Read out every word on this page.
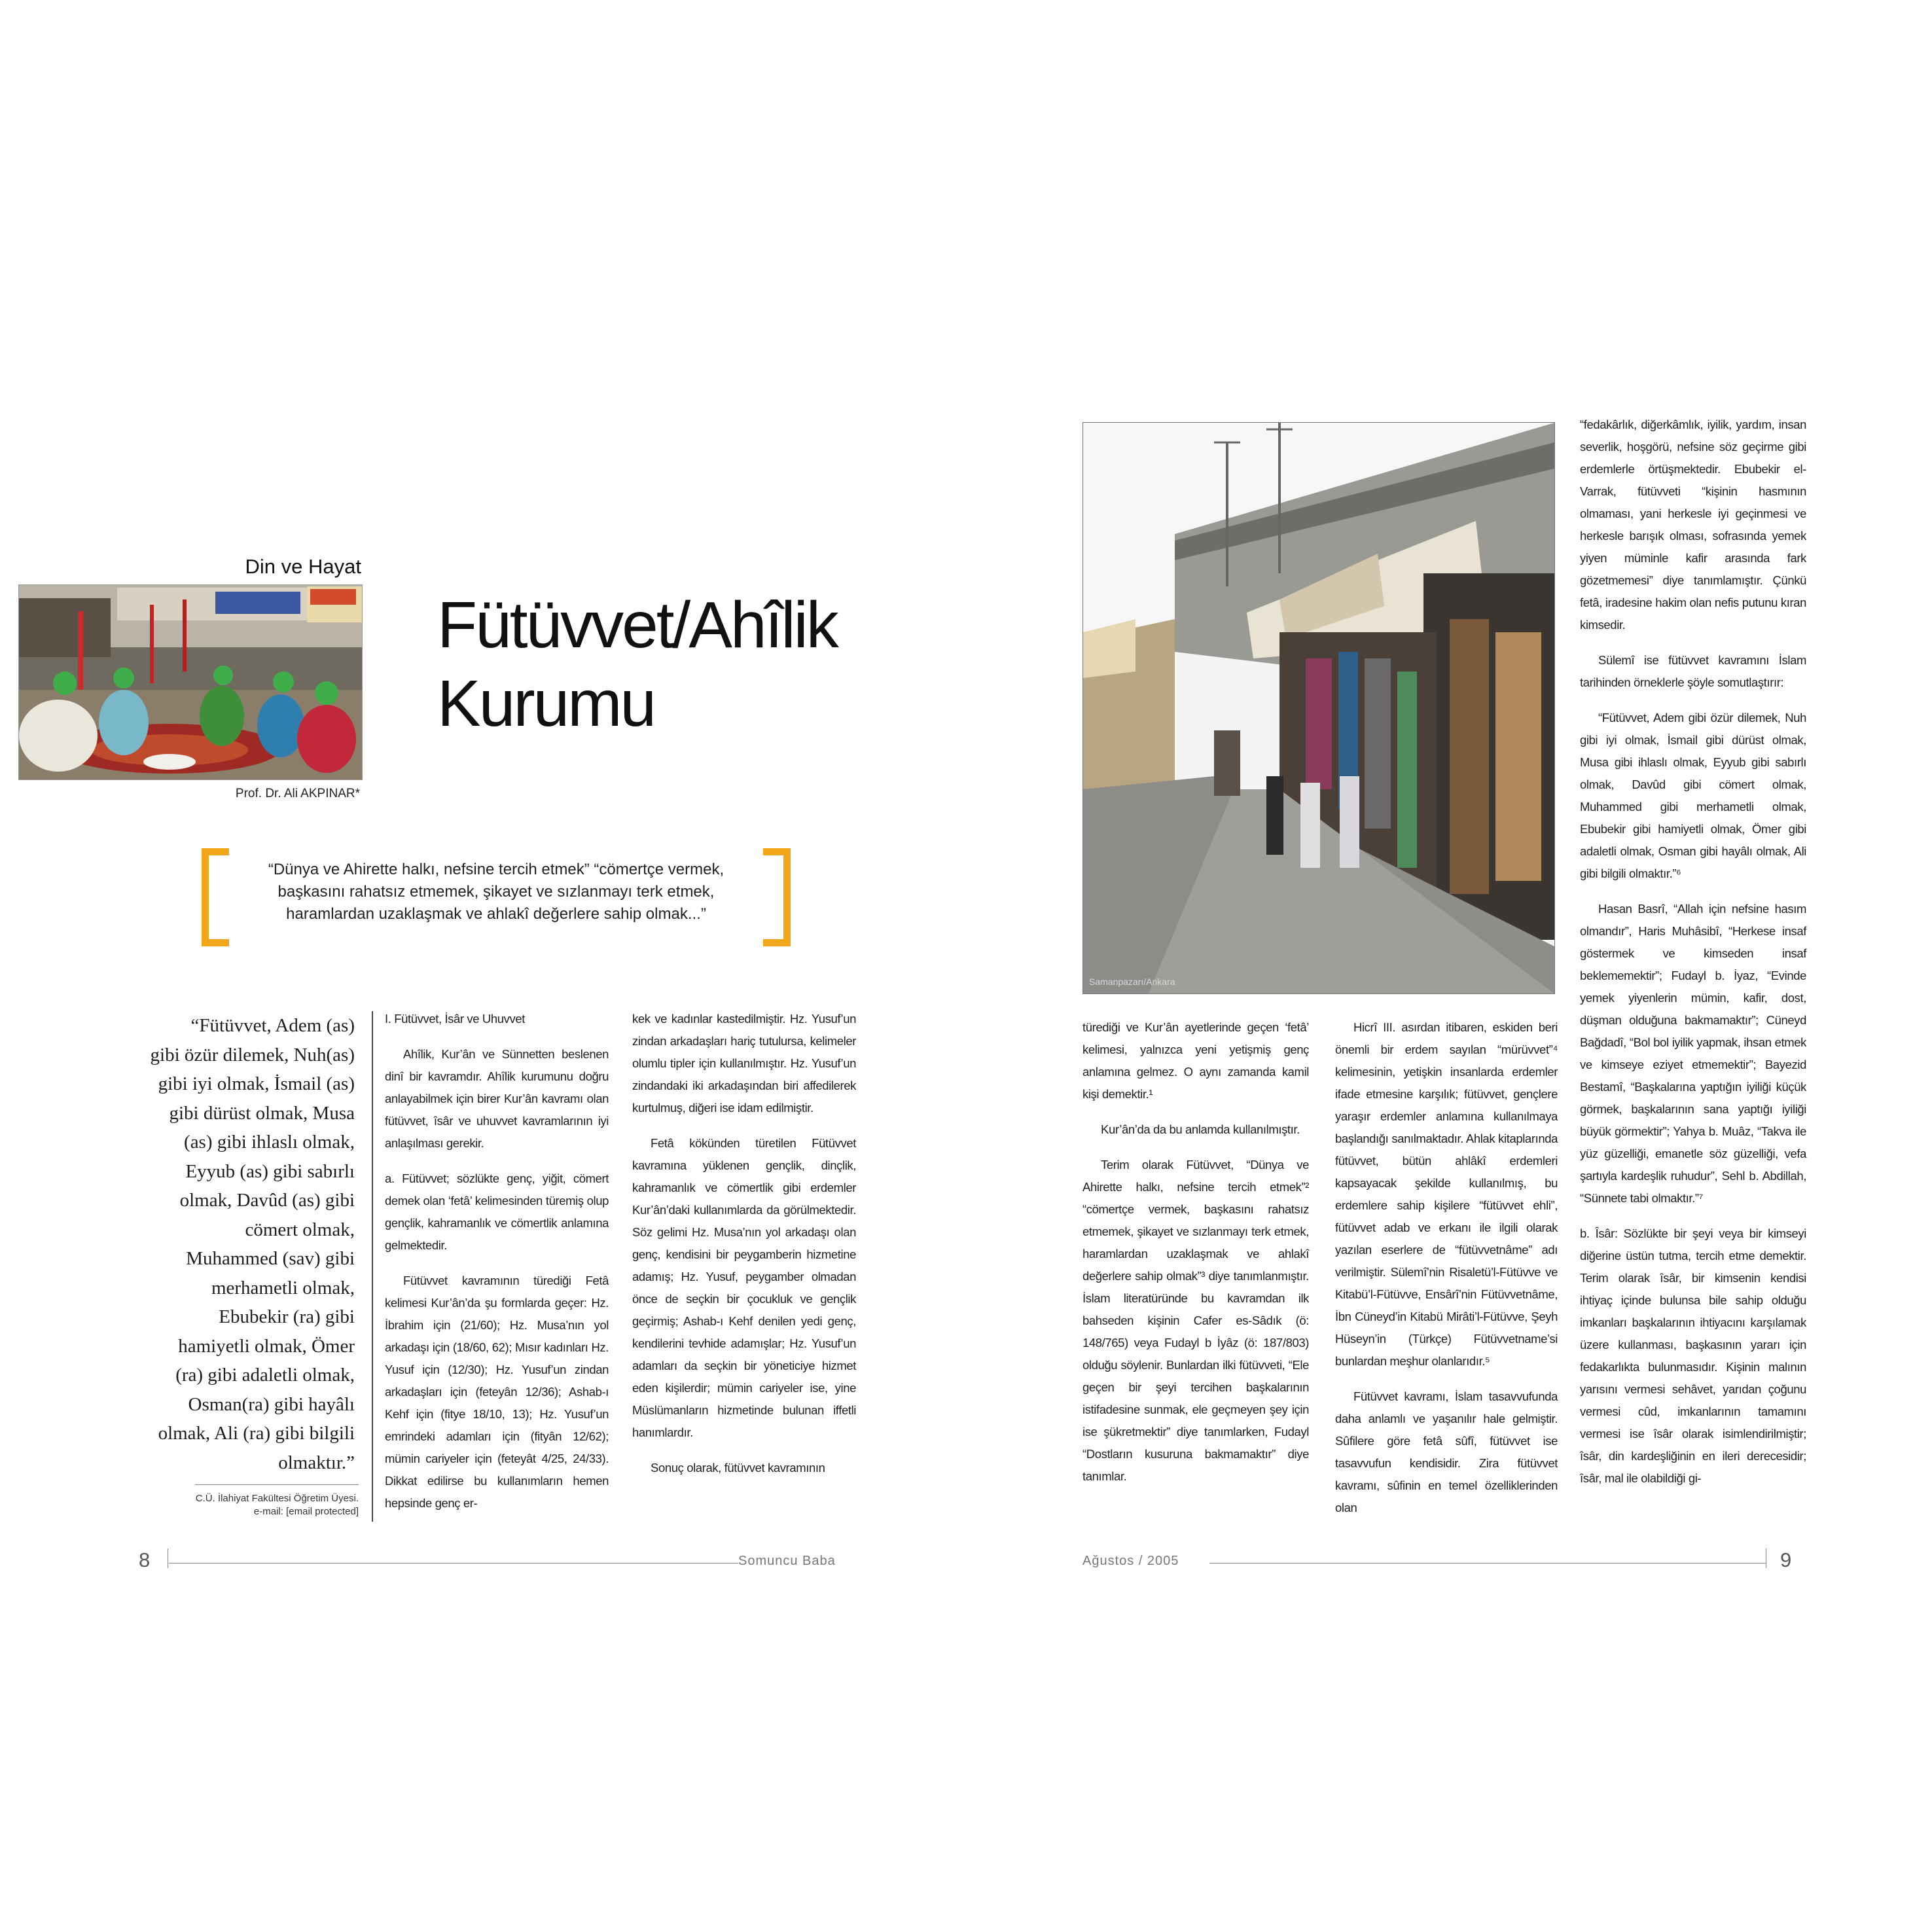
Din ve Hayat
Prof. Dr. Ali AKPINAR*
Fütüvvet/Ahîlik
Kurumu
“Dünya ve Ahirette halkı, nefsine tercih etmek” “cömertçe vermek,
başkasını rahatsız etmemek, şikayet ve sızlanmayı terk etmek,
haramlardan uzaklaşmak ve ahlakî değerlere sahip olmak...”
“Fütüvvet, Adem (as)
gibi özür dilemek, Nuh(as)
gibi iyi olmak, İsmail (as)
gibi dürüst olmak, Musa
(as) gibi ihlaslı olmak,
Eyyub (as) gibi sabırlı
olmak, Davûd (as) gibi
cömert olmak,
Muhammed (sav) gibi
merhametli olmak,
Ebubekir (ra) gibi
hamiyetli olmak, Ömer
(ra) gibi adaletli olmak,
Osman(ra) gibi hayâlı
olmak, Ali (ra) gibi bilgili
olmaktır.”
C.Ü. İlahiyat Fakültesi Öğretim Üyesi.
e-mail: [email protected]

I. Fütüvvet, İsâr ve Uhuvvet

Ahîlik, Kur’ân ve Sünnetten beslenen dinî bir kavramdır. Ahîlik kurumunu doğru anlayabilmek için birer Kur’ân kavramı olan fütüvvet, îsâr ve uhuvvet kavramlarının iyi anlaşılması gerekir.

a. Fütüvvet; sözlükte genç, yiğit, cömert demek olan ‘fetâ’ kelimesinden türemiş olup gençlik, kahramanlık ve cömertlik anlamına gelmektedir.

Fütüvvet kavramının türediği Fetâ kelimesi Kur’ân’da şu formlarda geçer: Hz. İbrahim için (21/60); Hz. Musa’nın yol arkadaşı için (18/60, 62); Mısır kadınları Hz. Yusuf için (12/30); Hz. Yusuf’un zindan arkadaşları için (feteyân 12/36); Ashab-ı Kehf için (fitye 18/10, 13); Hz. Yusuf’un emrindeki adamları için (fityân 12/62); mümin cariyeler için (feteyât 4/25, 24/33). Dikkat edilirse bu kullanımların hemen hepsinde genç er-

kek ve kadınlar kastedilmiştir. Hz. Yusuf’un zindan arkadaşları hariç tutulursa, kelimeler olumlu tipler için kullanılmıştır. Hz. Yusuf’un zindandaki iki arkadaşından biri affedilerek kurtulmuş, diğeri ise idam edilmiştir.

Fetâ kökünden türetilen Fütüvvet kavramına yüklenen gençlik, dinçlik, kahramanlık ve cömertlik gibi erdemler Kur’ân’daki kullanımlarda da görülmektedir. Söz gelimi Hz. Musa’nın yol arkadaşı olan genç, kendisini bir peygamberin hizmetine adamış; Hz. Yusuf, peygamber olmadan önce de seçkin bir çocukluk ve gençlik geçirmiş; Ashab-ı Kehf denilen yedi genç, kendilerini tevhide adamışlar; Hz. Yusuf’un adamları da seçkin bir yöneticiye hizmet eden kişilerdir; mümin cariyeler ise, yine Müslümanların hizmetinde bulunan iffetli hanımlardır.

Sonuç olarak, fütüvvet kavramının

Samanpazarı/Ankara

türediği ve Kur’ân ayetlerinde geçen ‘fetâ’ kelimesi, yalnızca yeni yetişmiş genç anlamına gelmez. O aynı zamanda kamil kişi demektir.¹

Kur’ân’da da bu anlamda kullanılmıştır.

Terim olarak Fütüvvet, “Dünya ve Ahirette halkı, nefsine tercih etmek”² “cömertçe vermek, başkasını rahatsız etmemek, şikayet ve sızlanmayı terk etmek, haramlardan uzaklaşmak ve ahlakî değerlere sahip olmak”³ diye tanımlanmıştır. İslam literatüründe bu kavramdan ilk bahseden kişinin Cafer es-Sâdık (ö: 148/765) veya Fudayl b İyâz (ö: 187/803) olduğu söylenir. Bunlardan ilki fütüvveti, “Ele geçen bir şeyi tercihen başkalarının istifadesine sunmak, ele geçmeyen şey için ise şükretmektir” diye tanımlarken, Fudayl “Dostların kusuruna bakmamaktır” diye tanımlar.

Hicrî III. asırdan itibaren, eskiden beri önemli bir erdem sayılan “mürüvvet”⁴ kelimesinin, yetişkin insanlarda erdemler ifade etmesine karşılık; fütüvvet, gençlere yaraşır erdemler anlamına kullanılmaya başlandığı sanılmaktadır. Ahlak kitaplarında fütüvvet, bütün ahlâkî erdemleri kapsayacak şekilde kullanılmış, bu erdemlere sahip kişilere “fütüvvet ehli”, fütüvvet adab ve erkanı ile ilgili olarak yazılan eserlere de “fütüvvetnâme” adı verilmiştir. Sülemî’nin Risaletü’l-Fütüvve ve Kitabü’l-Fütüvve, Ensârî’nin Fütüvvetnâme, İbn Cüneyd’in Kitabü Mirâti’l-Fütüvve, Şeyh Hüseyn’in (Türkçe) Fütüvvetname’si bunlardan meşhur olanlarıdır.⁵

Fütüvvet kavramı, İslam tasavvufunda daha anlamlı ve yaşanılır hale gelmiştir. Sûfilere göre fetâ sûfî, fütüvvet ise tasavvufun kendisidir. Zira fütüvvet kavramı, sûfinin en temel özelliklerinden olan

“fedakârlık, diğerkâmlık, iyilik, yardım, insan severlik, hoşgörü, nefsine söz geçirme gibi erdemlerle örtüşmektedir. Ebubekir el-Varrak, fütüvveti “kişinin hasmının olmaması, yani herkesle iyi geçinmesi ve herkesle barışık olması, sofrasında yemek yiyen müminle kafir arasında fark gözetmemesi” diye tanımlamıştır. Çünkü fetâ, iradesine hakim olan nefis putunu kıran kimsedir.

Sülemî ise fütüvvet kavramını İslam tarihinden örneklerle şöyle somutlaştırır:

“Fütüvvet, Adem gibi özür dilemek, Nuh gibi iyi olmak, İsmail gibi dürüst olmak, Musa gibi ihlaslı olmak, Eyyub gibi sabırlı olmak, Davûd gibi cömert olmak, Muhammed gibi merhametli olmak, Ebubekir gibi hamiyetli olmak, Ömer gibi adaletli olmak, Osman gibi hayâlı olmak, Ali gibi bilgili olmaktır.”⁶

Hasan Basrî, “Allah için nefsine hasım olmandır”, Haris Muhâsibî, “Herkese insaf göstermek ve kimseden insaf beklememektir”; Fudayl b. İyaz, “Evinde yemek yiyenlerin mümin, kafir, dost, düşman olduğuna bakmamaktır”; Cüneyd Bağdadî, “Bol bol iyilik yapmak, ihsan etmek ve kimseye eziyet etmemektir”; Bayezid Bestamî, “Başkalarına yaptığın iyiliği küçük görmek, başkalarının sana yaptığı iyiliği büyük görmektir”; Yahya b. Muâz, “Takva ile yüz güzelliği, emanetle söz güzelliği, vefa şartıyla kardeşlik ruhudur”, Sehl b. Abdillah, “Sünnete tabi olmaktır.”⁷

b. Îsâr: Sözlükte bir şeyi veya bir kimseyi diğerine üstün tutma, tercih etme demektir. Terim olarak îsâr, bir kimsenin kendisi ihtiyaç içinde bulunsa bile sahip olduğu imkanları başkalarının ihtiyacını karşılamak üzere kullanması, başkasının yararı için fedakarlıkta bulunmasıdır. Kişinin malının yarısını vermesi sehâvet, yarıdan çoğunu vermesi cûd, imkanlarının tamamını vermesi ise îsâr olarak isimlendirilmiştir; îsâr, din kardeşliğinin en ileri derecesidir; îsâr, mal ile olabildiği gi-

8	Somuncu Baba	Ağustos / 2005	9
